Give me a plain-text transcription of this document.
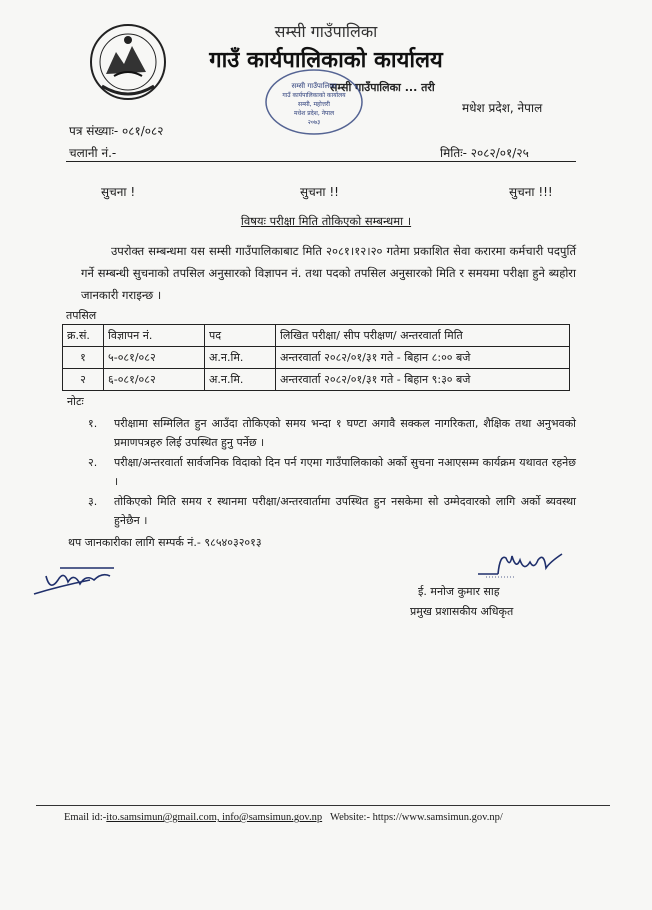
सम्सी गाउँपालिका
गाउँ कार्यपालिकाको कार्यालय
सम्सी गाउँपालिका ... तरी
सम्सी गाउँपालिका
गाउँ कार्यपालिकाको कार्यालय
सम्सी, महोत्तरी
मधेश प्रदेश, नेपाल
२०७३
मधेश प्रदेश, नेपाल
पत्र संख्याः- ०८१/०८२
चलानी नं.-	मितिः- २०८२/०१/२५
सुचना !	सुचना !!	सुचना !!!
विषयः परीक्षा मिति तोकिएको सम्बन्धमा ।
उपरोक्त सम्बन्धमा यस सम्सी गाउँपालिकाबाट मिति २०८१।१२।२० गतेमा प्रकाशित सेवा करारमा कर्मचारी पदपुर्ति गर्ने सम्बन्धी सुचनाको तपसिल अनुसारको विज्ञापन नं. तथा पदको तपसिल अनुसारको मिति र समयमा परीक्षा हुने ब्यहोरा जानकारी गराइन्छ ।
तपसिल
क्र.सं.	विज्ञापन नं.	पद	लिखित परीक्षा/ सीप परीक्षण/ अन्तरवार्ता मिति
१	५-०८१/०८२	अ.न.मि.	अन्तरवार्ता २०८२/०१/३१ गते - बिहान ८:०० बजे
२	६-०८१/०८२	अ.न.मि.	अन्तरवार्ता २०८२/०१/३१ गते - बिहान ९:३० बजे
नोटः
१.	परीक्षामा सम्मिलित हुन आउँदा तोकिएको समय भन्दा १ घण्टा अगावै सक्कल नागरिकता, शैक्षिक तथा अनुभवको प्रमाणपत्रहरु लिई उपस्थित हुनु पर्नेछ ।
२.	परीक्षा/अन्तरवार्ता सार्वजनिक विदाको दिन पर्न गएमा गाउँपालिकाको अर्को सुचना नआएसम्म कार्यक्रम यथावत रहनेछ ।
३.	तोकिएको मिति समय र स्थानमा परीक्षा/अन्तरवार्तामा उपस्थित हुन नसकेमा सो उम्मेदवारको लागि अर्को ब्यवस्था हुनेछैन ।
थप जानकारीका लागि सम्पर्क नं.- ९८५४०३२०१३
ई. मनोज कुमार साह
प्रमुख प्रशासकीय अधिकृत
Email id:-ito.samsimun@gmail.com, info@samsimun.gov.np Website:- https://www.samsimun.gov.np/
